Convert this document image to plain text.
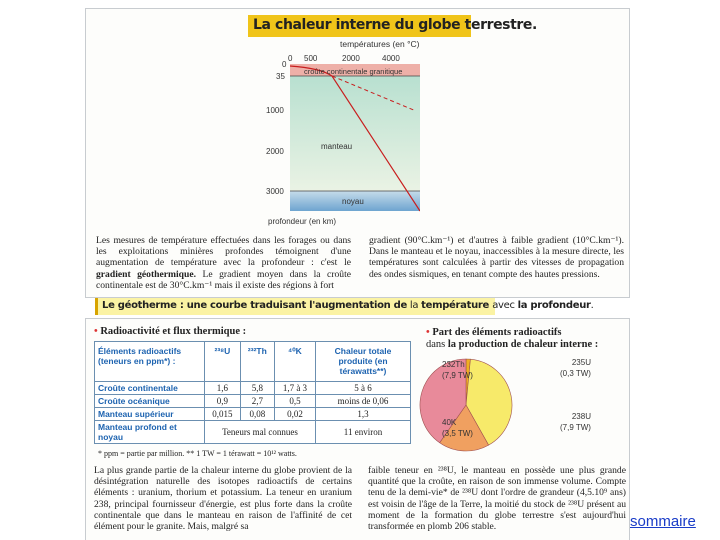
La chaleur interne du globe terrestre.
températures (en °C)
0 500	2000	4000
0
35
1000
2000
3000
croûte continentale granitique
manteau
noyau
profondeur (en km)
Les mesures de température effectuées dans les forages ou dans les exploitations minières profondes témoignent d'une augmentation de température avec la profondeur : c'est le gradient géothermique. Le gradient moyen dans la croûte continentale est de 30°C.km⁻¹ mais il existe des régions à fort
gradient (90°C.km⁻¹) et d'autres à faible gradient (10°C.km⁻¹). Dans le manteau et le noyau, inaccessibles à la mesure directe, les températures sont calculées à partir des vitesses de propagation des ondes sismiques, en tenant compte des hautes pressions.
Le géotherme : une courbe traduisant l'augmentation de la température avec la profondeur.
• Radioactivité et flux thermique :
Éléments radioactifs (teneurs en ppm*) :	²³⁸U	²³²Th	⁴⁰K	Chaleur totale produite (en térawatts**)
Croûte continentale	1,6	5,8	1,7 à 3	5 à 6
Croûte océanique	0,9	2,7	0,5	moins de 0,06
Manteau supérieur	0,015	0,08	0,02	1,3
Manteau profond et noyau	Teneurs mal connues			11 environ
* ppm = partie par million. ** 1 TW = 1 térawatt = 10¹² watts.
• Part des éléments radioactifs
dans la production de chaleur interne :
232Th
(7,9 TW)
235U
(0,3 TW)
238U
(7,9 TW)
40K
(3,5 TW)
La plus grande partie de la chaleur interne du globe provient de la désintégration naturelle des isotopes radioactifs de certains éléments : uranium, thorium et potassium. La teneur en uranium 238, principal fournisseur d'énergie, est plus forte dans la croûte continentale que dans le manteau en raison de l'affinité de cet élément pour le granite. Mais, malgré sa
faible teneur en ²³⁸U, le manteau en possède une plus grande quantité que la croûte, en raison de son immense volume. Compte tenu de la demi-vie* de ²³⁸U dont l'ordre de grandeur (4,5.10⁹ ans) est voisin de l'âge de la Terre, la moitié du stock de ²³⁸U présent au moment de la formation du globe terrestre s'est aujourd'hui transformée en plomb 206 stable.	sommaire
